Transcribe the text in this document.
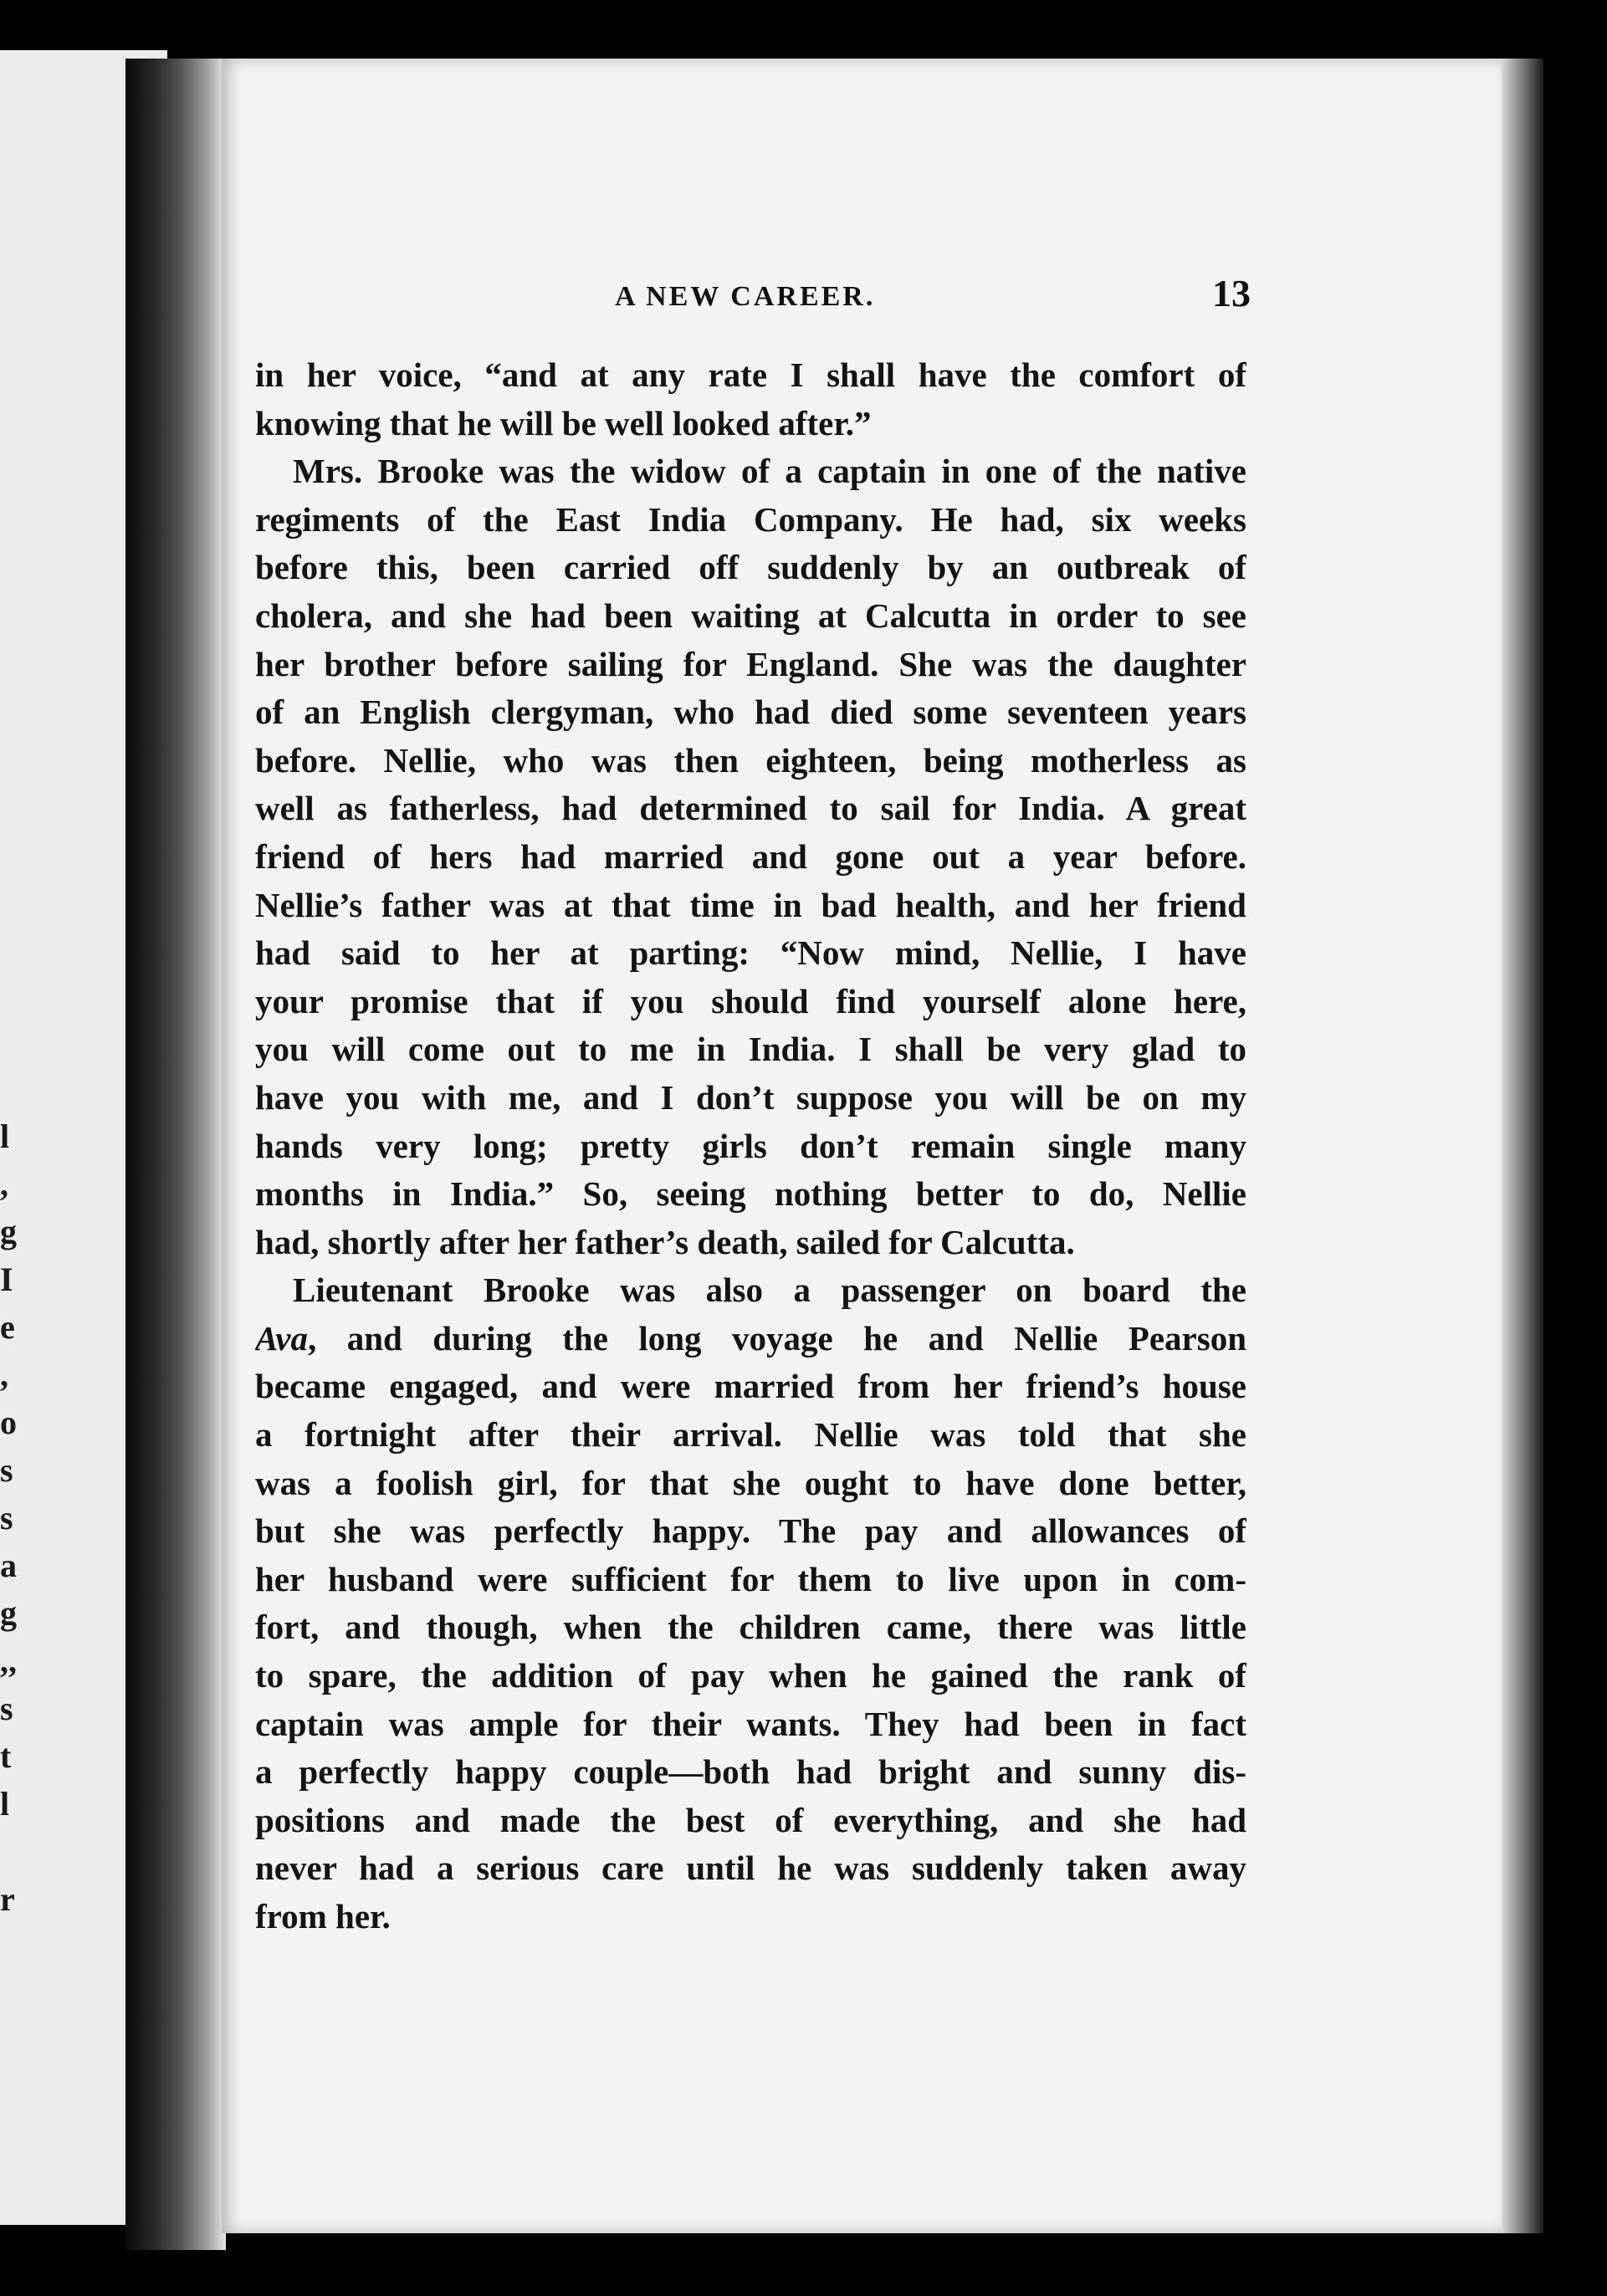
l
,
g
I
e
,
o
s
s
a
g
,,
s
t
l
r
A NEW CAREER.	13
in her voice, “and at any rate I shall have the comfort of
knowing that he will be well looked after.”
Mrs. Brooke was the widow of a captain in one of the native
regiments of the East India Company. He had, six weeks
before this, been carried off suddenly by an outbreak of
cholera, and she had been waiting at Calcutta in order to see
her brother before sailing for England. She was the daughter
of an English clergyman, who had died some seventeen years
before. Nellie, who was then eighteen, being motherless as
well as fatherless, had determined to sail for India. A great
friend of hers had married and gone out a year before.
Nellie’s father was at that time in bad health, and her friend
had said to her at parting: “Now mind, Nellie, I have
your promise that if you should find yourself alone here,
you will come out to me in India. I shall be very glad to
have you with me, and I don’t suppose you will be on my
hands very long; pretty girls don’t remain single many
months in India.” So, seeing nothing better to do, Nellie
had, shortly after her father’s death, sailed for Calcutta.
Lieutenant Brooke was also a passenger on board the
Ava, and during the long voyage he and Nellie Pearson
became engaged, and were married from her friend’s house
a fortnight after their arrival. Nellie was told that she
was a foolish girl, for that she ought to have done better,
but she was perfectly happy. The pay and allowances of
her husband were sufficient for them to live upon in com-
fort, and though, when the children came, there was little
to spare, the addition of pay when he gained the rank of
captain was ample for their wants. They had been in fact
a perfectly happy couple—both had bright and sunny dis-
positions and made the best of everything, and she had
never had a serious care until he was suddenly taken away
from her.
